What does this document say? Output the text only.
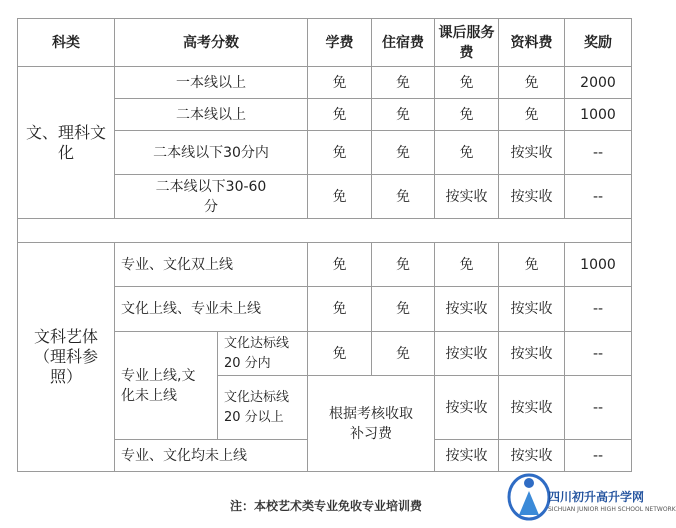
科类	高考分数		学费	住宿费	课后服务费	资料费	奖励
文、理科文化	一本线以上		免	免	免	免	2000
	二本线以上		免	免	免	免	1000

	二本线以下30分内		免	免	免	按实收	--

	二本线以下30-60分		免	免	按实收	按实收	--

文科艺体（理科参照）	专业、文化双上线		免	免	免	免	1000
	文化上线、专业未上线		免	免	按实收	按实收	--

	专业上线,文化未上线	文化达标线 20 分内	免	免	按实收	按实收	--
		文化达标线 20 分以上	根据考核收取补习费		按实收	按实收	--
	专业、文化均未上线				按实收	按实收	--
注：本校艺术类专业免收专业培训费
四川初升高升学网
SICHUAN JUNIOR HIGH SCHOOL NETWORK
